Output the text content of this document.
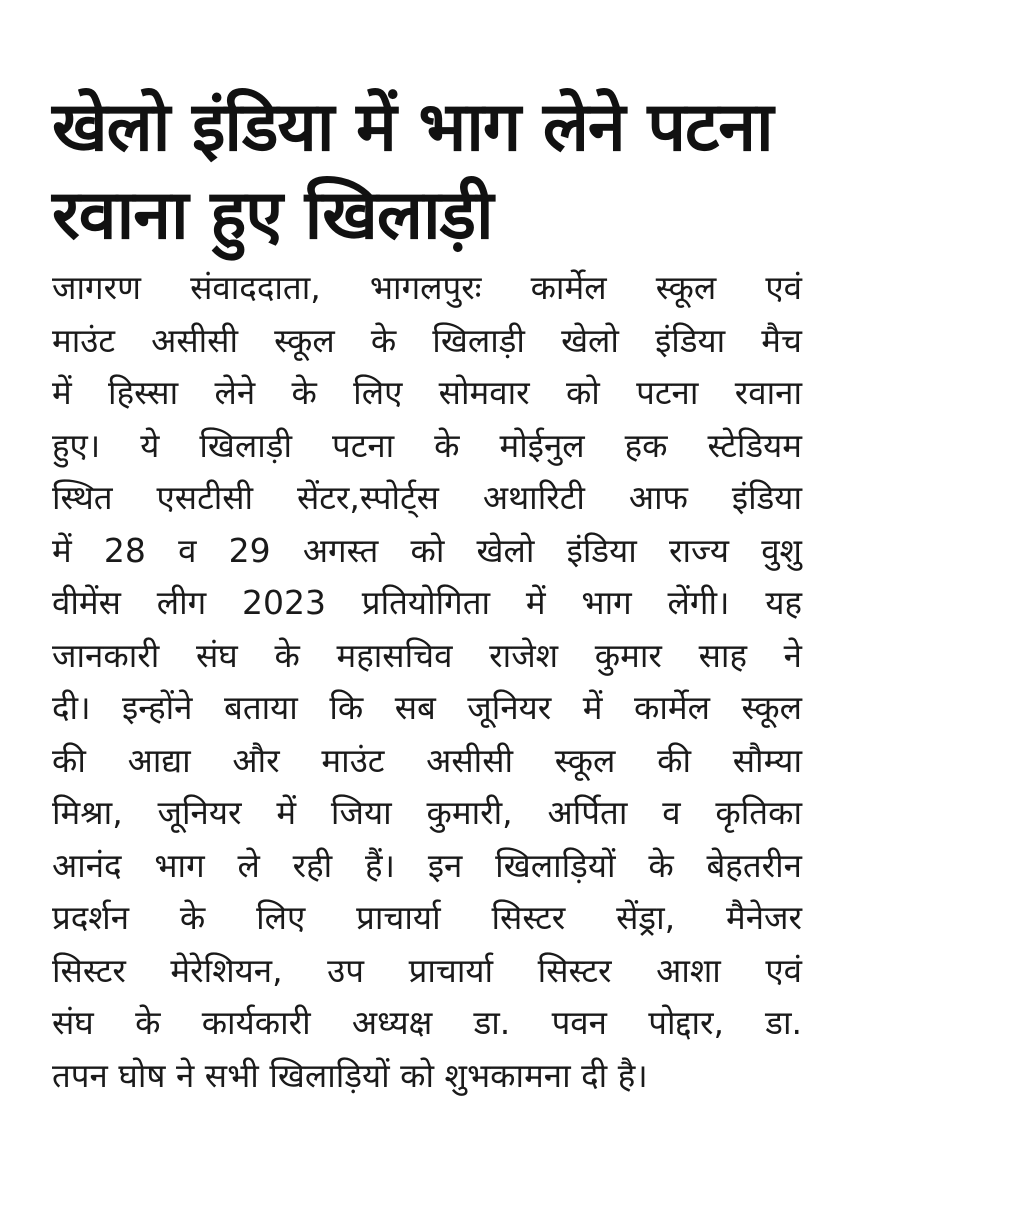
खेलो इंडिया में भाग लेने पटना
रवाना हुए खिलाड़ी
जागरण संवाददाता, भागलपुरः कार्मेल स्कूल एवं
माउंट असीसी स्कूल के खिलाड़ी खेलो इंडिया मैच
में हिस्सा लेने के लिए सोमवार को पटना रवाना
हुए। ये खिलाड़ी पटना के मोईनुल हक स्टेडियम
स्थित एसटीसी सेंटर,स्पोर्ट्स अथारिटी आफ इंडिया
में 28 व 29 अगस्त को खेलो इंडिया राज्य वुशु
वीमेंस लीग 2023 प्रतियोगिता में भाग लेंगी। यह
जानकारी संघ के महासचिव राजेश कुमार साह ने
दी। इन्होंने बताया कि सब जूनियर में कार्मेल स्कूल
की आद्या और माउंट असीसी स्कूल की सौम्या
मिश्रा, जूनियर में जिया कुमारी, अर्पिता व कृतिका
आनंद भाग ले रही हैं। इन खिलाड़ियों के बेहतरीन
प्रदर्शन के लिए प्राचार्या सिस्टर सेंड्रा, मैनेजर
सिस्टर मेरेशियन, उप प्राचार्या सिस्टर आशा एवं
संघ के कार्यकारी अध्यक्ष डा. पवन पोद्दार, डा.
तपन घोष ने सभी खिलाड़ियों को शुभकामना दी है।
